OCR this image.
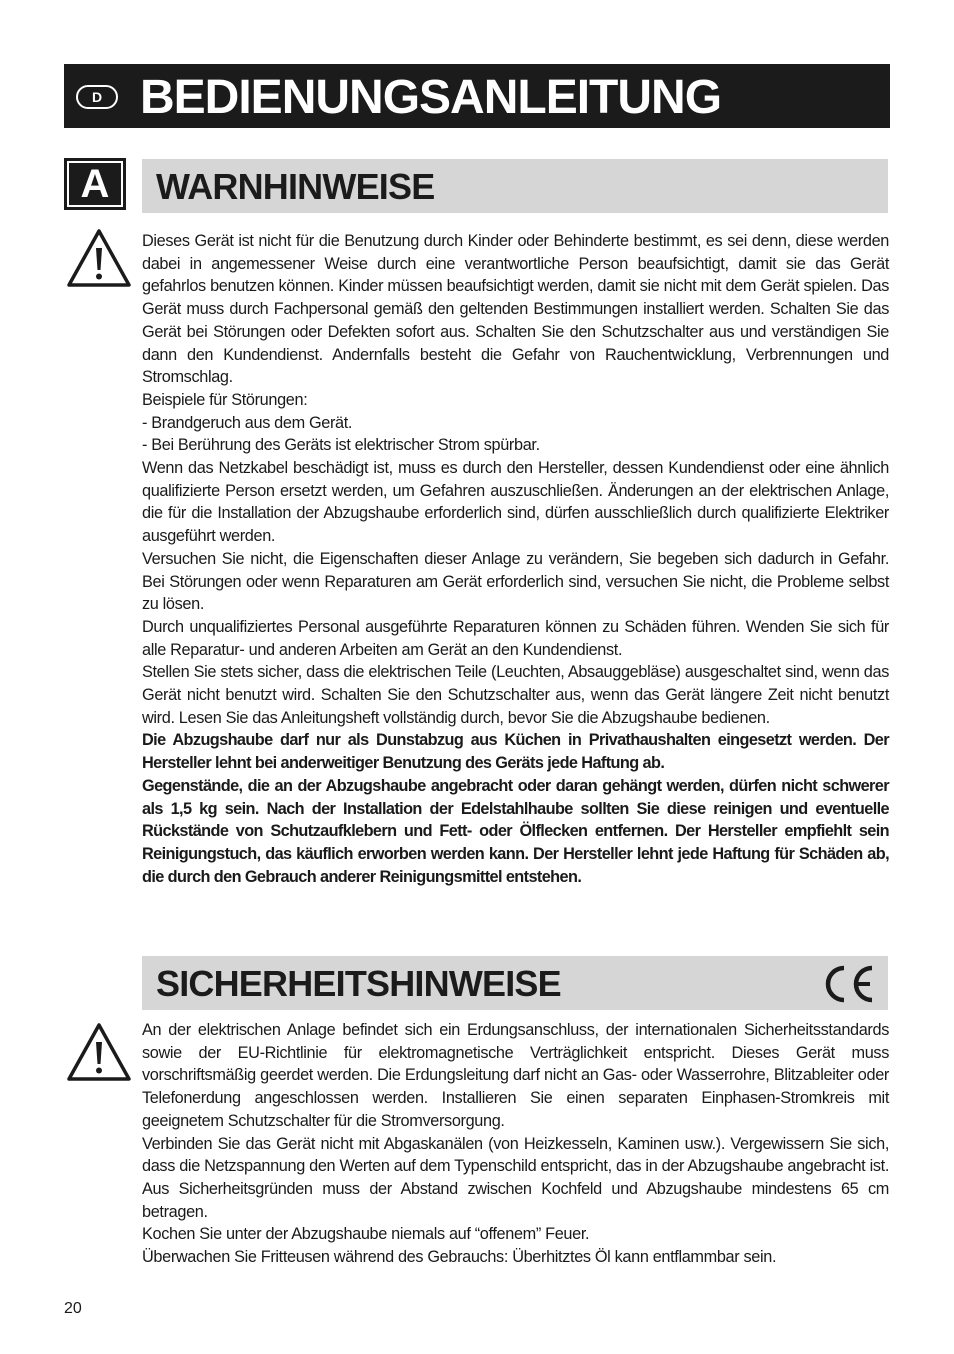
D BEDIENUNGSANLEITUNG
A	WARNHINWEISE

Dieses Gerät ist nicht für die Benutzung durch Kinder oder Behinderte bestimmt, es sei denn, diese werden dabei in angemessener Weise durch eine verantwortliche Person beaufsichtigt, damit sie das Gerät gefahrlos benutzen können. Kinder müssen beaufsichtigt werden, damit sie nicht mit dem Gerät spielen. Das Gerät muss durch Fachpersonal gemäß den geltenden Bestimmungen installiert werden. Schalten Sie das Gerät bei Störungen oder Defekten sofort aus. Schalten Sie den Schutzschalter aus und verständigen Sie dann den Kundendienst. Andernfalls besteht die Gefahr von Rauchentwicklung, Verbrennungen und Stromschlag.

Beispiele für Störungen:

- Brandgeruch aus dem Gerät.

- Bei Berührung des Geräts ist elektrischer Strom spürbar.

Wenn das Netzkabel beschädigt ist, muss es durch den Hersteller, dessen Kundendienst oder eine ähnlich qualifizierte Person ersetzt werden, um Gefahren auszuschließen. Änderungen an der elektrischen Anlage, die für die Installation der Abzugshaube erforderlich sind, dürfen ausschließlich durch qualifizierte Elektriker ausgeführt werden.

Versuchen Sie nicht, die Eigenschaften dieser Anlage zu verändern, Sie begeben sich dadurch in Gefahr. Bei Störungen oder wenn Reparaturen am Gerät erforderlich sind, versuchen Sie nicht, die Probleme selbst zu lösen.

Durch unqualifiziertes Personal ausgeführte Reparaturen können zu Schäden führen. Wenden Sie sich für alle Reparatur- und anderen Arbeiten am Gerät an den Kundendienst.

Stellen Sie stets sicher, dass die elektrischen Teile (Leuchten, Absauggebläse) ausgeschaltet sind, wenn das Gerät nicht benutzt wird. Schalten Sie den Schutzschalter aus, wenn das Gerät längere Zeit nicht benutzt wird. Lesen Sie das Anleitungsheft vollständig durch, bevor Sie die Abzugshaube bedienen.

Die Abzugshaube darf nur als Dunstabzug aus Küchen in Privathaushalten eingesetzt werden. Der Hersteller lehnt bei anderweitiger Benutzung des Geräts jede Haftung ab.

Gegenstände, die an der Abzugshaube angebracht oder daran gehängt werden, dürfen nicht schwerer als 1,5 kg sein. Nach der Installation der Edelstahlhaube sollten Sie diese reinigen und eventuelle Rückstände von Schutzaufklebern und Fett- oder Ölflecken entfernen. Der Hersteller empfiehlt sein Reinigungstuch, das käuflich erworben werden kann. Der Hersteller lehnt jede Haftung für Schäden ab, die durch den Gebrauch anderer Reinigungsmittel entstehen.

SICHERHEITSHINWEISE

An der elektrischen Anlage befindet sich ein Erdungsanschluss, der internationalen Sicherheitsstandards sowie der EU-Richtlinie für elektromagnetische Verträglichkeit entspricht. Dieses Gerät muss vorschriftsmäßig geerdet werden. Die Erdungsleitung darf nicht an Gas- oder Wasserrohre, Blitzableiter oder Telefonerdung angeschlossen werden. Installieren Sie einen separaten Einphasen-Stromkreis mit geeignetem Schutzschalter für die Stromversorgung.

Verbinden Sie das Gerät nicht mit Abgaskanälen (von Heizkesseln, Kaminen usw.). Vergewissern Sie sich, dass die Netzspannung den Werten auf dem Typenschild entspricht, das in der Abzugshaube angebracht ist. Aus Sicherheitsgründen muss der Abstand zwischen Kochfeld und Abzugshaube mindestens 65 cm betragen.

Kochen Sie unter der Abzugshaube niemals auf “offenem” Feuer.

Überwachen Sie Fritteusen während des Gebrauchs: Überhitztes Öl kann entflammbar sein.

20
